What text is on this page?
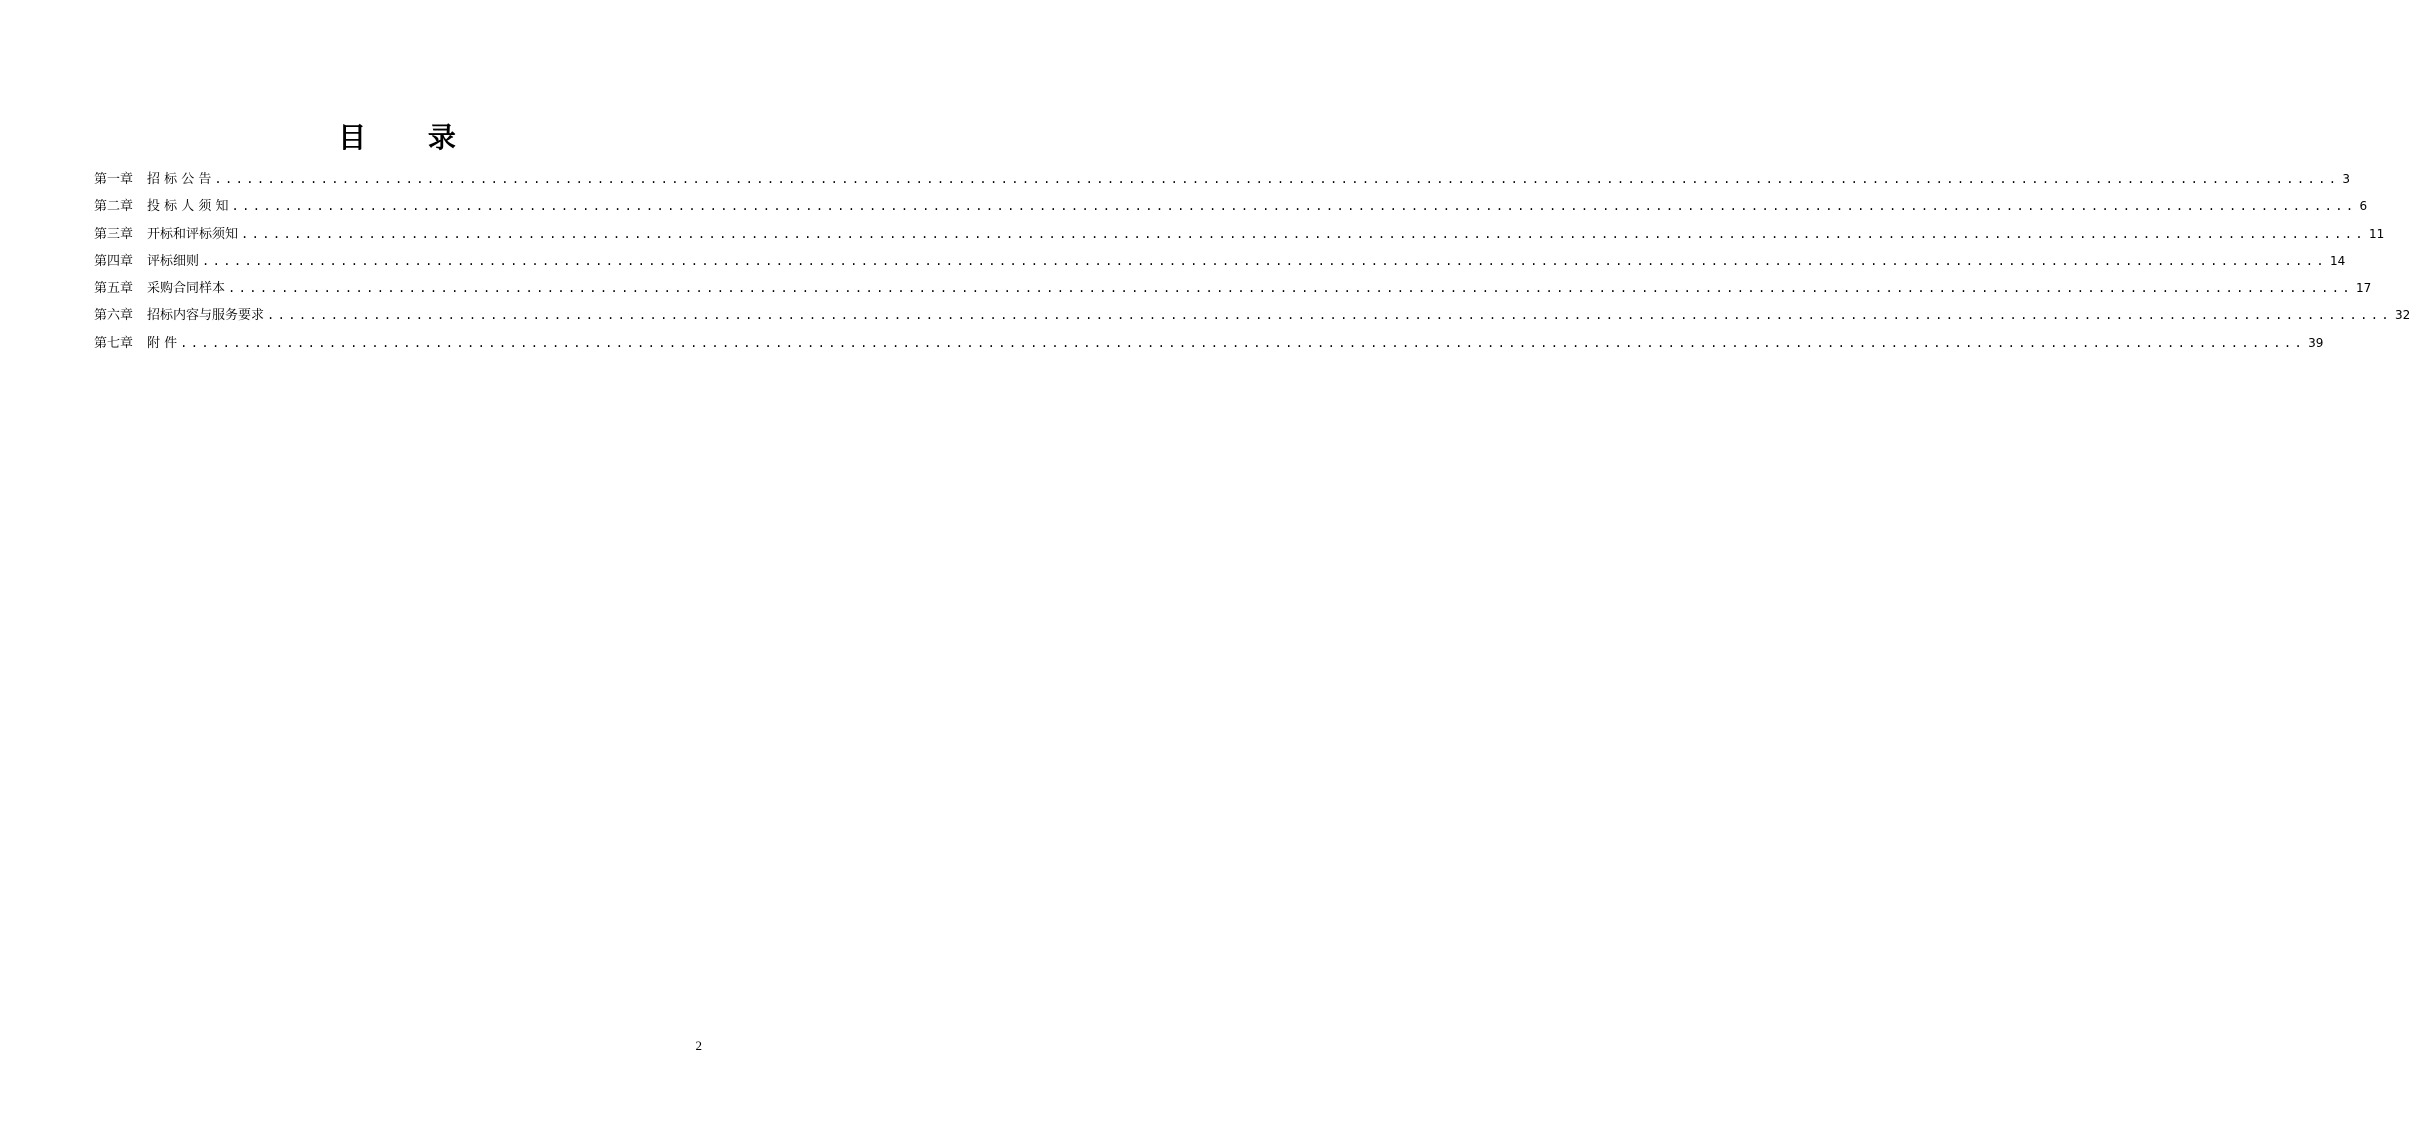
目 录
第一章 招 标 公 告 ........................................................................................................................................................................................................ 3
第二章 投 标 人 须 知 ........................................................................................................................................................................................................ 6
第三章 开标和评标须知 ........................................................................................................................................................................................................ 11
第四章 评标细则 ........................................................................................................................................................................................................ 14
第五章 采购合同样本 ........................................................................................................................................................................................................ 17
第六章 招标内容与服务要求 ........................................................................................................................................................................................................ 32
第七章 附 件 ........................................................................................................................................................................................................ 39
2
